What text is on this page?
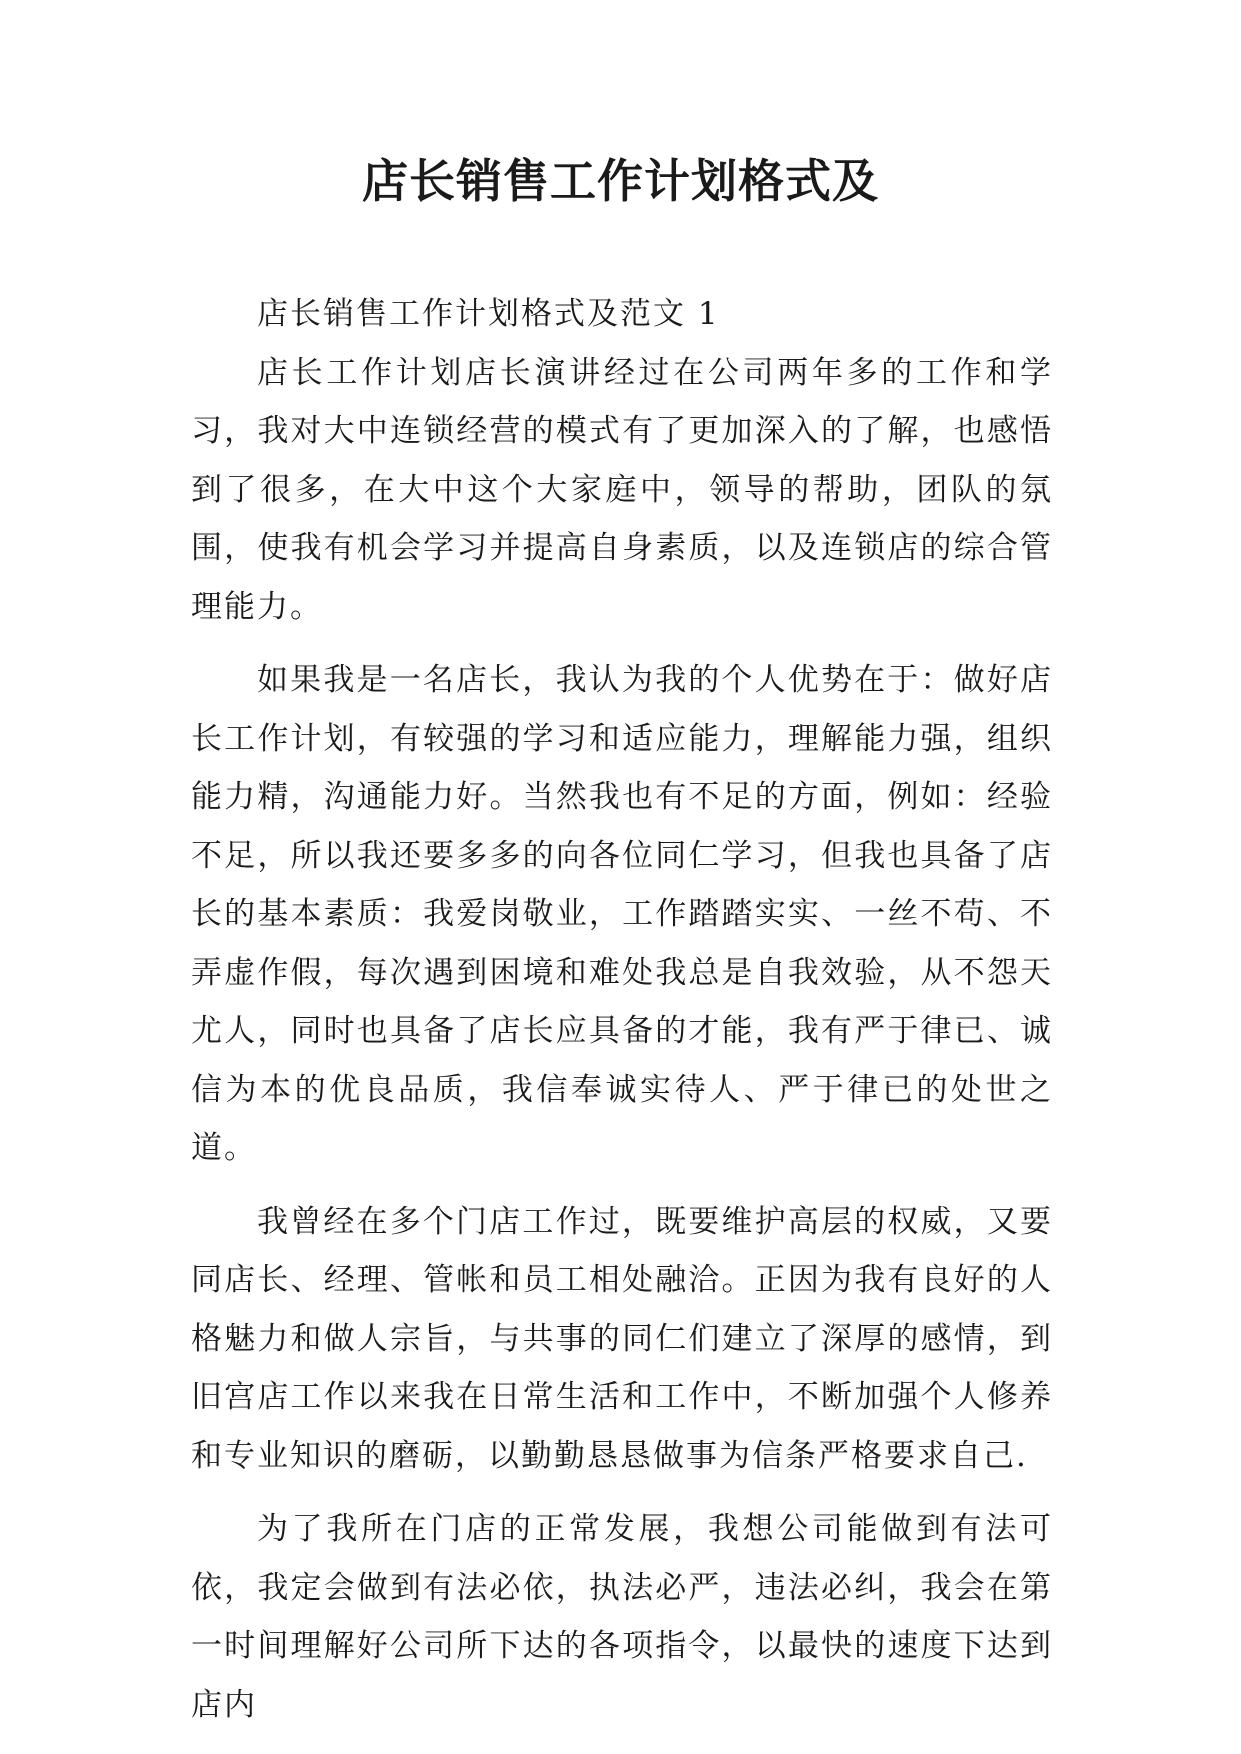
店长销售工作计划格式及

店长销售工作计划格式及范文 1

店长工作计划店长演讲经过在公司两年多的工作和学习，我对大中连锁经营的模式有了更加深入的了解，也感悟到了很多，在大中这个大家庭中，领导的帮助，团队的氛围，使我有机会学习并提高自身素质，以及连锁店的综合管理能力。

如果我是一名店长，我认为我的个人优势在于：做好店长工作计划，有较强的学习和适应能力，理解能力强，组织能力精，沟通能力好。当然我也有不足的方面，例如：经验不足，所以我还要多多的向各位同仁学习，但我也具备了店长的基本素质：我爱岗敬业，工作踏踏实实、一丝不苟、不弄虚作假，每次遇到困境和难处我总是自我效验，从不怨天尤人，同时也具备了店长应具备的才能，我有严于律已、诚信为本的优良品质，我信奉诚实待人、严于律已的处世之道。

我曾经在多个门店工作过，既要维护高层的权威，又要同店长、经理、管帐和员工相处融洽。正因为我有良好的人格魅力和做人宗旨，与共事的同仁们建立了深厚的感情，到旧宫店工作以来我在日常生活和工作中，不断加强个人修养和专业知识的磨砺，以勤勤恳恳做事为信条严格要求自己.

为了我所在门店的正常发展，我想公司能做到有法可依，我定会做到有法必依，执法必严，违法必纠，我会在第一时间理解好公司所下达的各项指令，以最快的速度下达到店内
